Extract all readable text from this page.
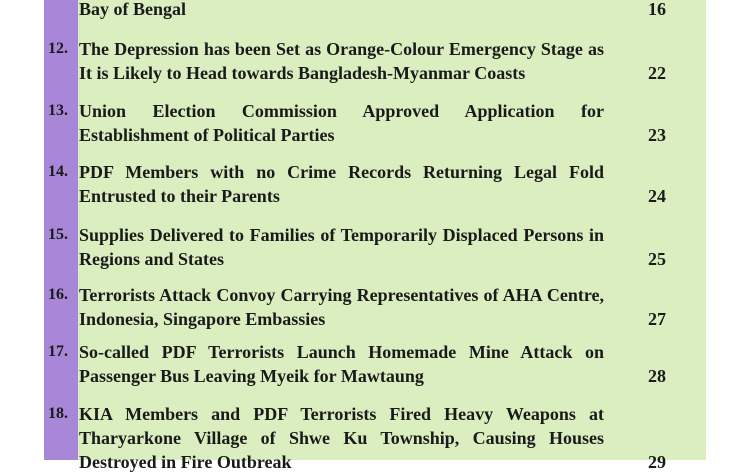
Bay of Bengal	16
12. The Depression has been Set as Orange-Colour Emergency Stage as It is Likely to Head towards Bangladesh-Myanmar Coasts	22
13. Union Election Commission Approved Application for Establishment of Political Parties	23
14. PDF Members with no Crime Records Returning Legal Fold Entrusted to their Parents	24
15. Supplies Delivered to Families of Temporarily Displaced Persons in Regions and States	25
16. Terrorists Attack Convoy Carrying Representatives of AHA Centre, Indonesia, Singapore Embassies	27
17. So-called PDF Terrorists Launch Homemade Mine Attack on Passenger Bus Leaving Myeik for Mawtaung	28
18. KIA Members and PDF Terrorists Fired Heavy Weapons at Tharyarkone Village of Shwe Ku Township, Causing Houses Destroyed in Fire Outbreak	29
